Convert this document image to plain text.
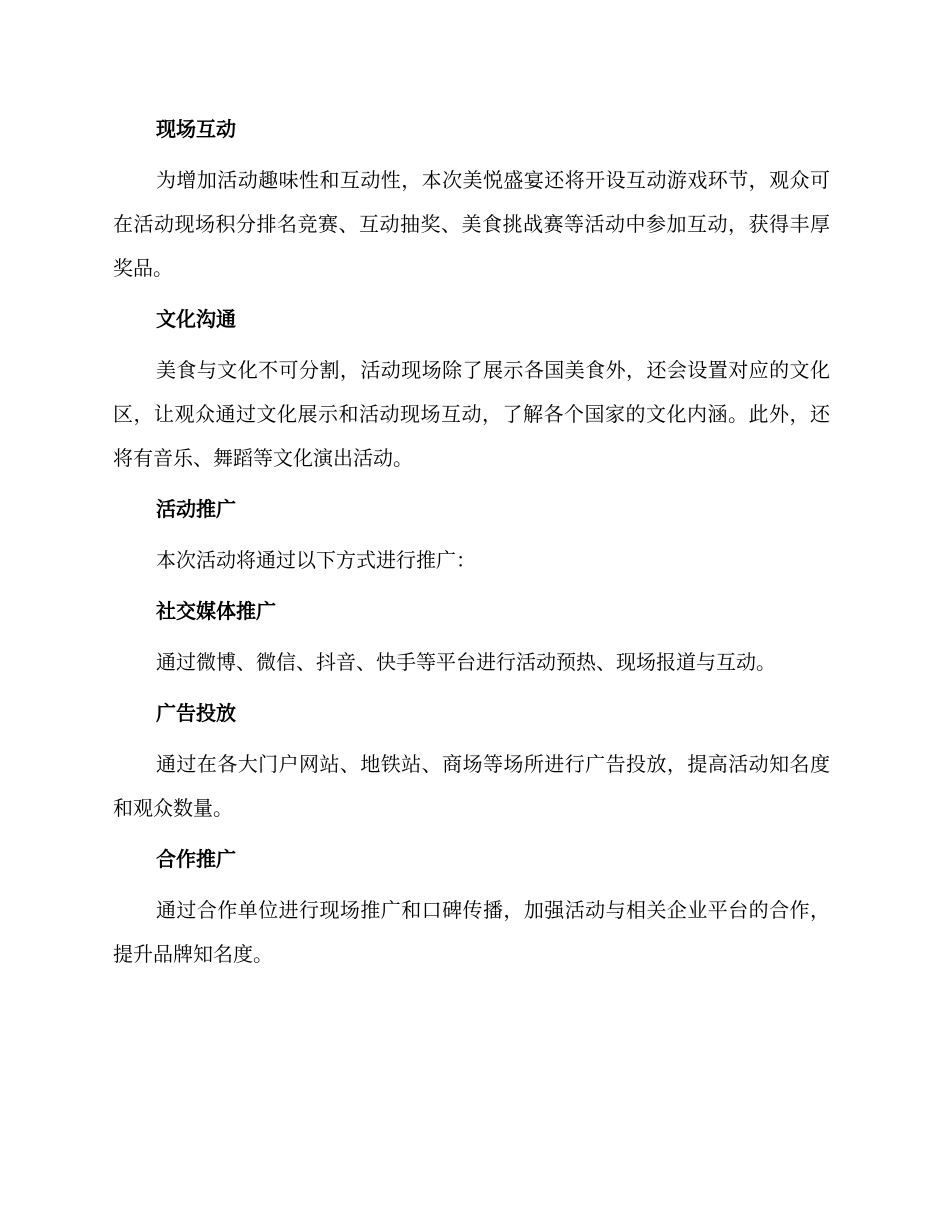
现场互动

为增加活动趣味性和互动性，本次美悦盛宴还将开设互动游戏环节，观众可在活动现场积分排名竞赛、互动抽奖、美食挑战赛等活动中参加互动，获得丰厚奖品。

文化沟通

美食与文化不可分割，活动现场除了展示各国美食外，还会设置对应的文化区，让观众通过文化展示和活动现场互动，了解各个国家的文化内涵。此外，还将有音乐、舞蹈等文化演出活动。

活动推广

本次活动将通过以下方式进行推广：

社交媒体推广

通过微博、微信、抖音、快手等平台进行活动预热、现场报道与互动。

广告投放

通过在各大门户网站、地铁站、商场等场所进行广告投放，提高活动知名度和观众数量。

合作推广

通过合作单位进行现场推广和口碑传播，加强活动与相关企业平台的合作，提升品牌知名度。
